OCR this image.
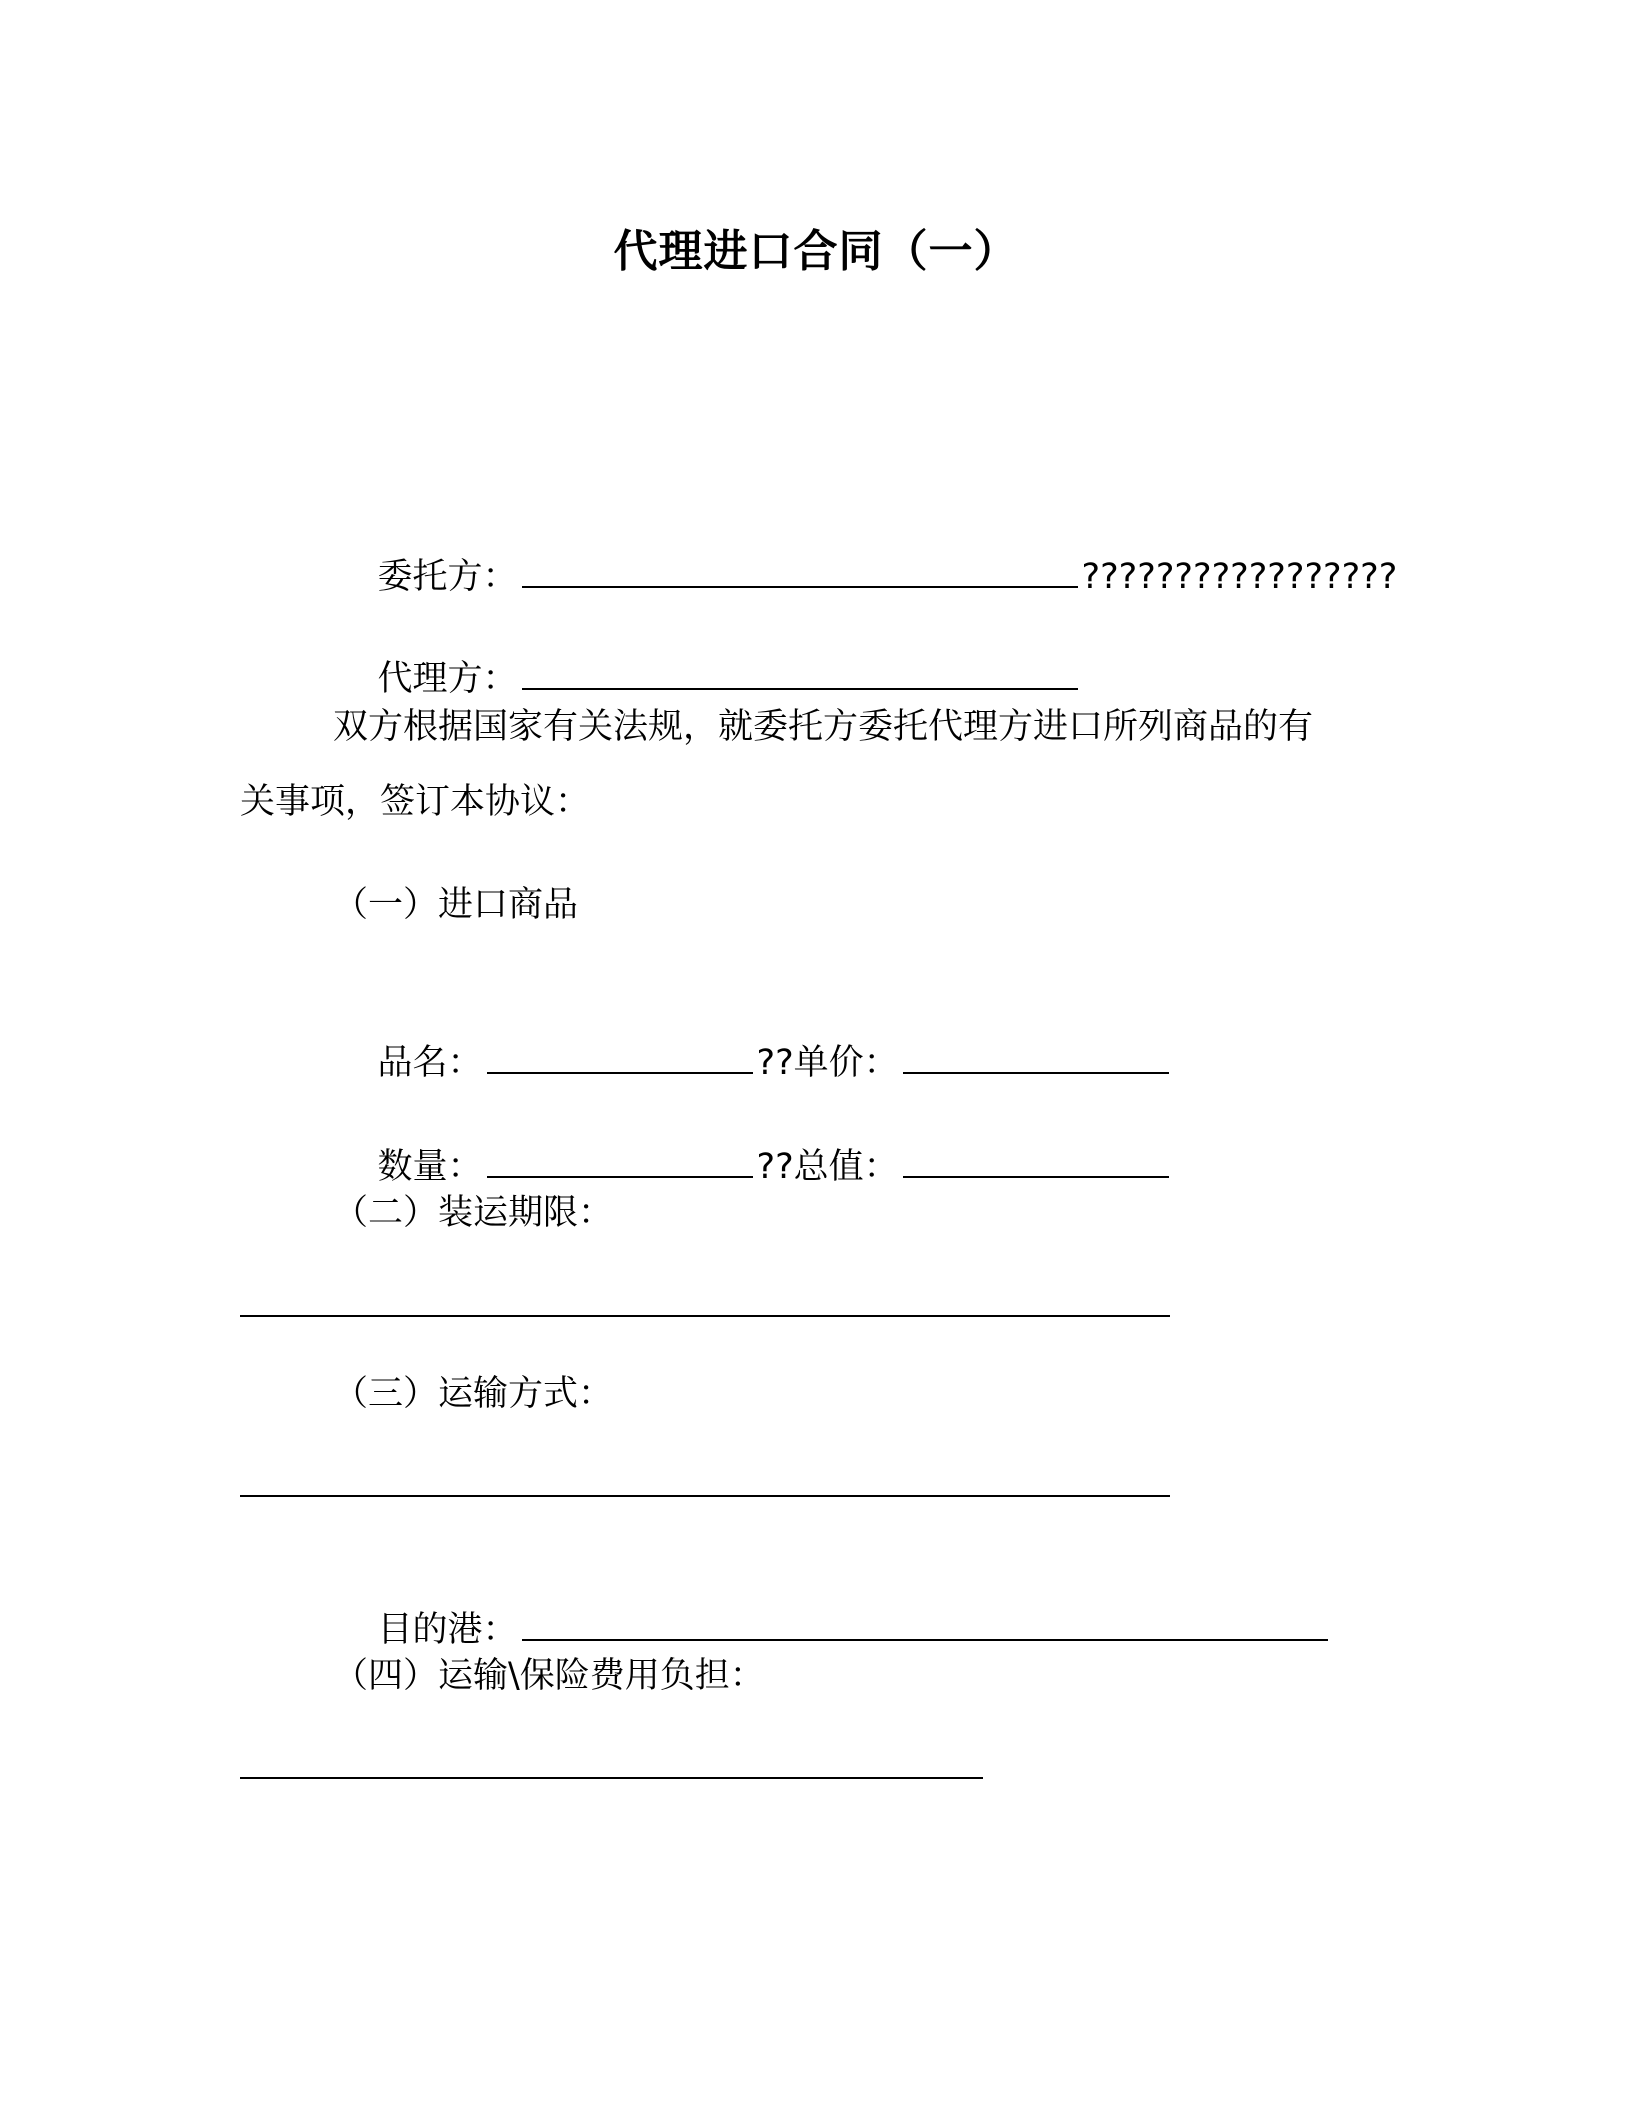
代理进口合同（一）

委托方：	?????????????????

代理方：

双方根据国家有关法规，就委托方委托代理方进口所列商品的有
关事项，签订本协议：
（一）进口商品

品名：	??单价：

数量：	??总值：

（二）装运期限：
（三）运输方式：

目的港：

（四）运输\保险费用负担：
